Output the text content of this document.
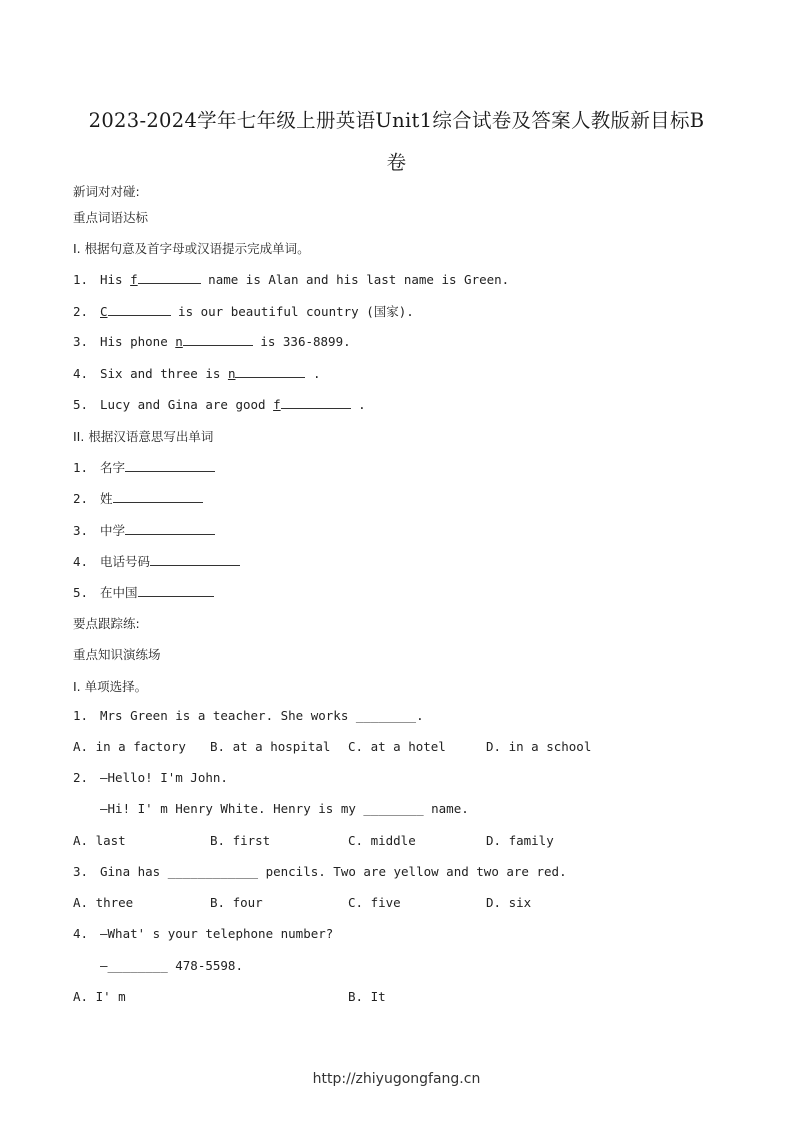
2023-2024学年七年级上册英语Unit1综合试卷及答案人教版新目标B
卷
新词对对碰:
重点词语达标
I. 根据句意及首字母或汉语提示完成单词。
1. His f	name is Alan and his last name is Green.
2. C	is our beautiful country (国家).
3. His phone n	is 336-8899.
4. Six and three is n	.
5. Lucy and Gina are good f	.
II. 根据汉语意思写出单词
1. 名字
2. 姓
3. 中学
4. 电话号码
5. 在中国
要点跟踪练:
重点知识演练场
I. 单项选择。
1. Mrs Green is a teacher. She works ________.
A. in a factory B. at a hospital C. at a hotel	D. in a school
2. —Hello! I'm John.
—Hi! I' m Henry White. Henry is my ________ name.
A. last	B. first	C. middle	D. family
3. Gina has ____________ pencils. Two are yellow and two are red.
A. three	B. four	C. five	D. six
4. —What' s your telephone number?
—________ 478-5598.
A. I' m	B. It
http://zhiyugongfang.cn
